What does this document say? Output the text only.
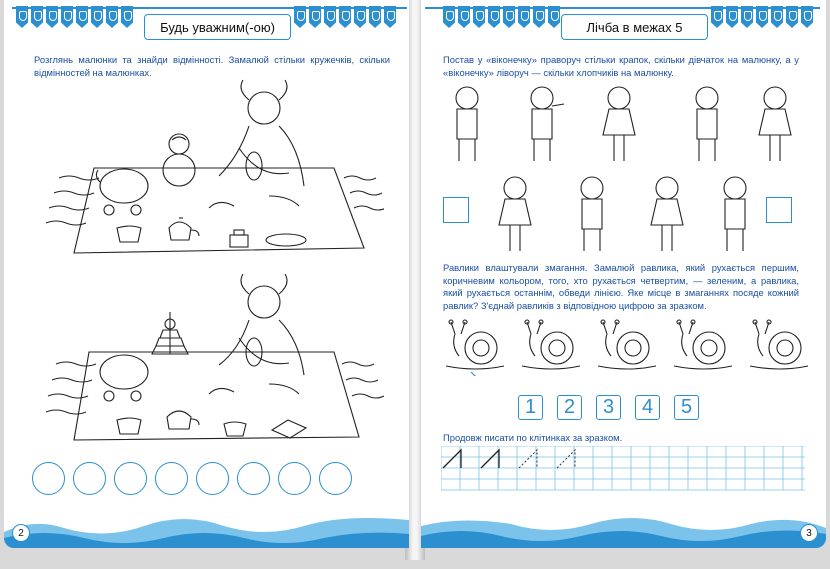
Будь уважним(-ою)
Розглянь малюнки та знайди відмінності. Замалюй стільки кружечків, скільки відмінностей на малюнках.
2
Лічба в межах 5
Постав у «віконечку» праворуч стільки крапок, скільки дівчаток на малюнку, а у «віконечку» ліворуч — скільки хлопчиків на малюнку.
Равлики влаштували змагання. Замалюй равлика, який рухається першим, коричневим кольором, того, хто рухається четвертим, — зеленим, а равлика, який рухається останнім, обведи лінією. Яке місце в змаганнях посяде кожний равлик? З'єднай равликів з відповідною цифрою за зразком.
1	2	3	4	5
Продовж писати по клітинках за зразком.
3
